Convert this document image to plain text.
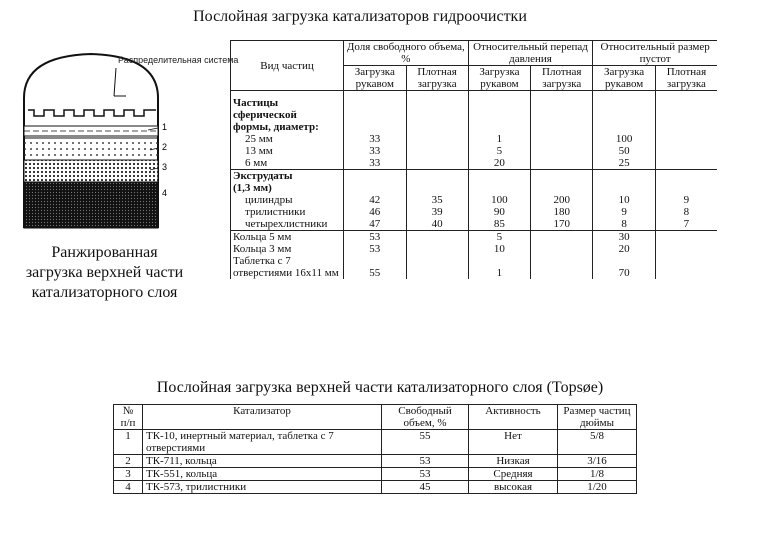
Послойная загрузка катализаторов гидроочистки
Распределительная система
1
2
3
4
Ранжированная
загрузка верхней части
катализаторного слоя
Вид частиц	Доля свободного объема, %		Относительный перепад давления		Относительный размер пустот	
	Загрузка рукавом	Плотная загрузка	Загрузка рукавом	Плотная загрузка	Загрузка рукавом	Плотная загрузка
Частицы						
сферической						
формы, диаметр:						
25 мм	33		1		100	
13 мм	33		5		50	
6 мм	33		20		25	
Экструдаты						
(1,3 мм)						
цилиндры	42	35	100	200	10	9
трилистники	46	39	90	180	9	8
четырехлистники	47	40	85	170	8	7
Кольца 5 мм	53		5		30	
Кольца 3 мм	53		10		20	
Таблетка с 7 отверстиями 16х11 мм	55		1		70	
Послойная загрузка верхней части катализаторного слоя (Topsøe)
№ п/п	Катализатор	Свободный объем, %	Активность	Размер частиц дюймы
1	ТК-10, инертный материал, таблетка с 7 отверстиями	55	Нет	5/8
2	ТК-711, кольца	53	Низкая	3/16
3	ТК-551, кольца	53	Средняя	1/8
4	ТК-573, трилистники	45	высокая	1/20
